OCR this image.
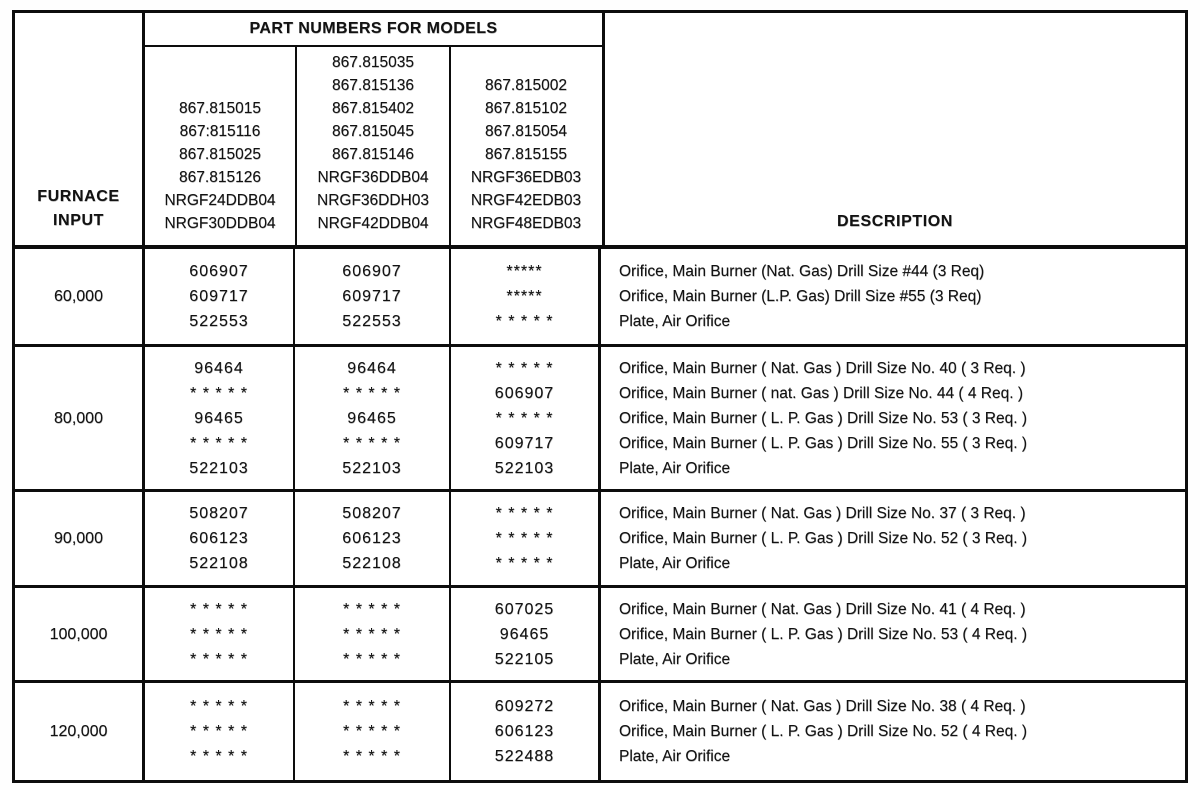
FURNACE
INPUT
PART NUMBERS FOR MODELS
867.815015
867:815116
867.815025
867.815126
NRGF24DDB04
NRGF30DDB04
867.815035
867.815136
867.815402
867.815045
867.815146
NRGF36DDB04
NRGF36DDH03
NRGF42DDB04
867.815002
867.815102
867.815054
867.815155
NRGF36EDB03
NRGF42EDB03
NRGF48EDB03	DESCRIPTION
60,000
606907
609717
522553
606907
609717
522553
*****
*****
* * * * *
Orifice, Main Burner (Nat. Gas) Drill Size #44 (3 Req)
Orifice, Main Burner (L.P. Gas) Drill Size #55 (3 Req)
Plate, Air Orifice
80,000
96464
* * * * *
96465
* * * * *
522103
96464
* * * * *
96465
* * * * *
522103
* * * * *
606907
* * * * *
609717
522103
Orifice, Main Burner ( Nat. Gas ) Drill Size No. 40 ( 3 Req. )
Orifice, Main Burner ( nat. Gas ) Drill Size No. 44 ( 4 Req. )
Orifice, Main Burner ( L. P. Gas ) Drill Size No. 53 ( 3 Req. )
Orifice, Main Burner ( L. P. Gas ) Drill Size No. 55 ( 3 Req. )
Plate, Air Orifice
90,000
508207
606123
522108
508207
606123
522108
* * * * *
* * * * *
* * * * *
Orifice, Main Burner ( Nat. Gas ) Drill Size No. 37 ( 3 Req. )
Orifice, Main Burner ( L. P. Gas ) Drill Size No. 52 ( 3 Req. )
Plate, Air Orifice
100,000
* * * * *
* * * * *
* * * * *
* * * * *
* * * * *
* * * * *
607025
96465
522105
Orifice, Main Burner ( Nat. Gas ) Drill Size No. 41 ( 4 Req. )
Orifice, Main Burner ( L. P. Gas ) Drill Size No. 53 ( 4 Req. )
Plate, Air Orifice
120,000
* * * * *
* * * * *
* * * * *
* * * * *
* * * * *
* * * * *
609272
606123
522488
Orifice, Main Burner ( Nat. Gas ) Drill Size No. 38 ( 4 Req. )
Orifice, Main Burner ( L. P. Gas ) Drill Size No. 52 ( 4 Req. )
Plate, Air Orifice
